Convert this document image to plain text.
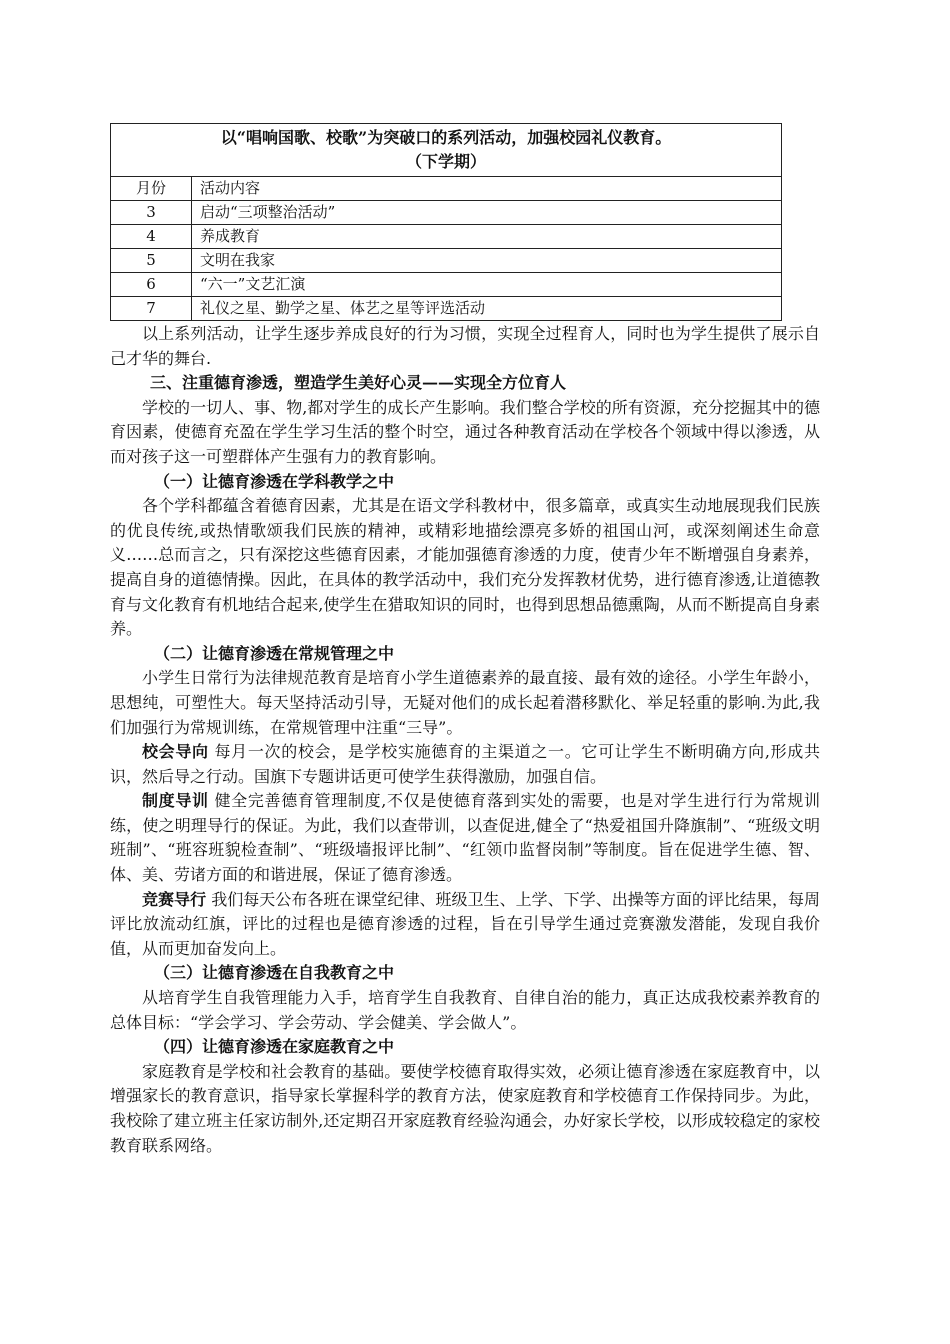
以“唱响国歌、校歌”为突破口的系列活动，加强校园礼仪教育。
（下学期）	

月份	活动内容
3	启动“三项整治活动”
4	养成教育
5	文明在我家
6	“六一”文艺汇演
7	礼仪之星、勤学之星、体艺之星等评选活动

以上系列活动，让学生逐步养成良好的行为习惯，实现全过程育人，同时也为学生提供了展示自己才华的舞台.

三、注重德育渗透，塑造学生美好心灵——实现全方位育人

学校的一切人、事、物,都对学生的成长产生影响。我们整合学校的所有资源，充分挖掘其中的德育因素，使德育充盈在学生学习生活的整个时空，通过各种教育活动在学校各个领域中得以渗透，从而对孩子这一可塑群体产生强有力的教育影响。

（一）让德育渗透在学科教学之中

各个学科都蕴含着德育因素，尤其是在语文学科教材中，很多篇章，或真实生动地展现我们民族的优良传统,或热情歌颂我们民族的精神，或精彩地描绘漂亮多娇的祖国山河，或深刻阐述生命意义……总而言之，只有深挖这些德育因素，才能加强德育渗透的力度，使青少年不断增强自身素养，提高自身的道德情操。因此，在具体的教学活动中，我们充分发挥教材优势，进行德育渗透,让道德教育与文化教育有机地结合起来,使学生在猎取知识的同时，也得到思想品德熏陶，从而不断提高自身素养。

（二）让德育渗透在常规管理之中

小学生日常行为法律规范教育是培育小学生道德素养的最直接、最有效的途径。小学生年龄小，思想纯，可塑性大。每天坚持活动引导，无疑对他们的成长起着潜移默化、举足轻重的影响.为此,我们加强行为常规训练，在常规管理中注重“三导”。

校会导向 每月一次的校会，是学校实施德育的主渠道之一。它可让学生不断明确方向,形成共识，然后导之行动。国旗下专题讲话更可使学生获得激励，加强自信。

制度导训 健全完善德育管理制度,不仅是使德育落到实处的需要，也是对学生进行行为常规训练，使之明理导行的保证。为此，我们以查带训，以查促进,健全了“热爱祖国升降旗制”、“班级文明班制”、“班容班貌检查制”、“班级墙报评比制”、“红领巾监督岗制”等制度。旨在促进学生德、智、体、美、劳诸方面的和谐进展，保证了德育渗透。

竞赛导行 我们每天公布各班在课堂纪律、班级卫生、上学、下学、出操等方面的评比结果，每周评比放流动红旗，评比的过程也是德育渗透的过程，旨在引导学生通过竞赛激发潜能，发现自我价值，从而更加奋发向上。

（三）让德育渗透在自我教育之中

从培育学生自我管理能力入手，培育学生自我教育、自律自治的能力，真正达成我校素养教育的总体目标：“学会学习、学会劳动、学会健美、学会做人”。

（四）让德育渗透在家庭教育之中

家庭教育是学校和社会教育的基础。要使学校德育取得实效，必须让德育渗透在家庭教育中，以增强家长的教育意识，指导家长掌握科学的教育方法，使家庭教育和学校德育工作保持同步。为此，我校除了建立班主任家访制外,还定期召开家庭教育经验沟通会，办好家长学校，以形成较稳定的家校教育联系网络。
